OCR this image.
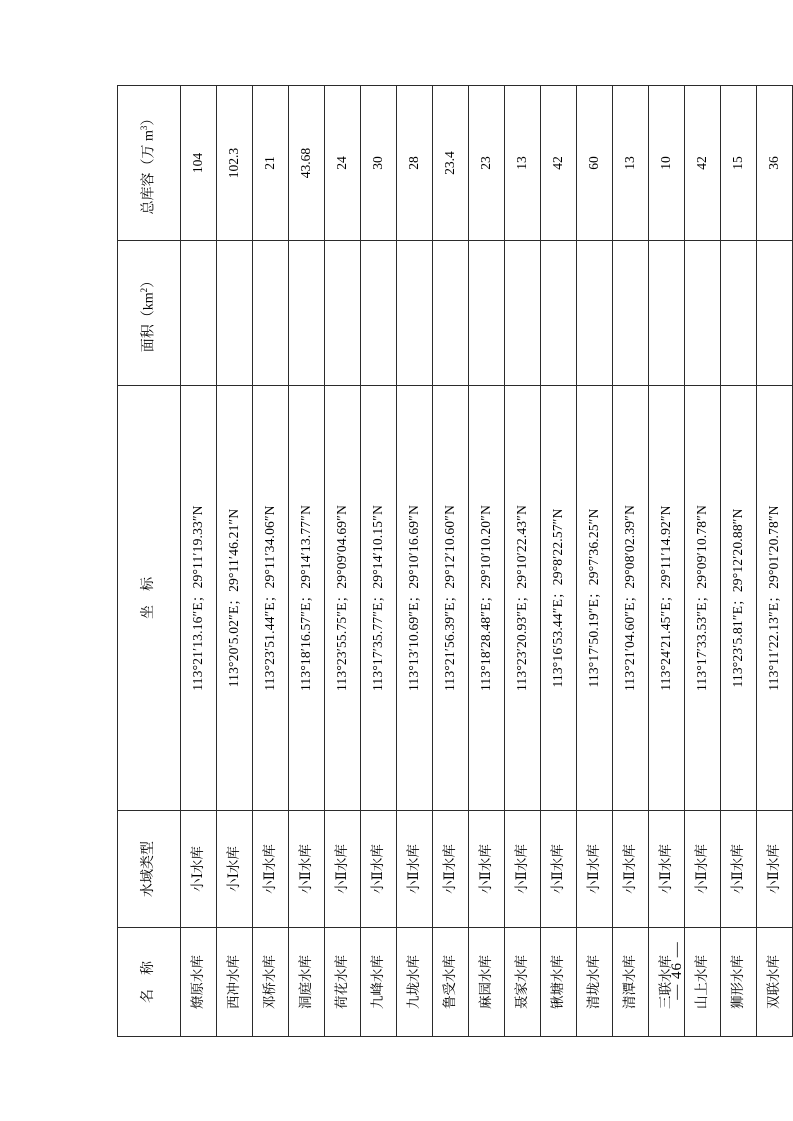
名　称	水域类型	坐　标	面积$(km^2)$	总库容（万 $m^3$）
燎原水库	小Ⅰ水库	113°21′13.16″E；29°11′19.33″N		104
西冲水库	小Ⅰ水库	113°20′5.02″E；29°11′46.21″N		102.3
邓桥水库	小Ⅱ水库	113°23′51.44″E；29°11′34.06″N		21
洞庭水库	小Ⅱ水库	113°18′16.57″E；29°14′13.77″N		43.68
荷花水库	小Ⅱ水库	113°23′55.75″E；29°09′04.69″N		24
九峰水库	小Ⅱ水库	113°17′35.77″E；29°14′10.15″N		30
九垅水库	小Ⅱ水库	113°13′10.69″E；29°10′16.69″N		28
鲁受水库	小Ⅱ水库	113°21′56.39″E；29°12′10.60″N		23.4
麻园水库	小Ⅱ水库	113°18′28.48″E；29°10′10.20″N		23
聂家水库	小Ⅱ水库	113°23′20.93″E；29°10′22.43″N		13
锹塘水库	小Ⅱ水库	113°16′53.44″E；29°8′22.57″N		42
清垅水库	小Ⅱ水库	113°17′50.19″E；29°7′36.25″N		60
清潭水库	小Ⅱ水库	113°21′04.60″E；29°08′02.39″N		13
三联水库	小Ⅱ水库	113°24′21.45″E；29°11′14.92″N		10
山上水库	小Ⅱ水库	113°17′33.53″E；29°09′10.78″N		42
狮形水库	小Ⅱ水库	113°23′5.81″E；29°12′20.88″N		15
双联水库	小Ⅱ水库	113°11′22.13″E；29°01′20.78″N		36
— 46 —
